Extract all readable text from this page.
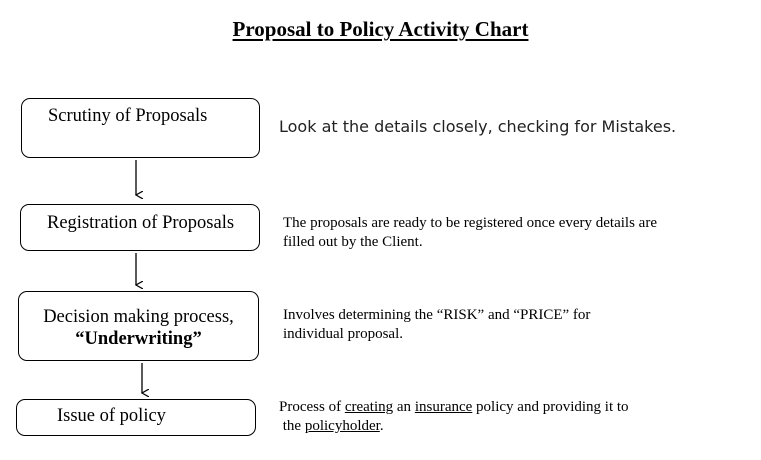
Proposal to Policy Activity Chart
Scrutiny of Proposals
Registration of Proposals
Decision making process,
“Underwriting”
Issue of policy
Look at the details closely, checking for Mistakes.
The proposals are ready to be registered once every details are
filled out by the Client.
Involves determining the “RISK” and “PRICE” for
individual proposal.
Process of creating an insurance policy and providing it to
the policyholder.
